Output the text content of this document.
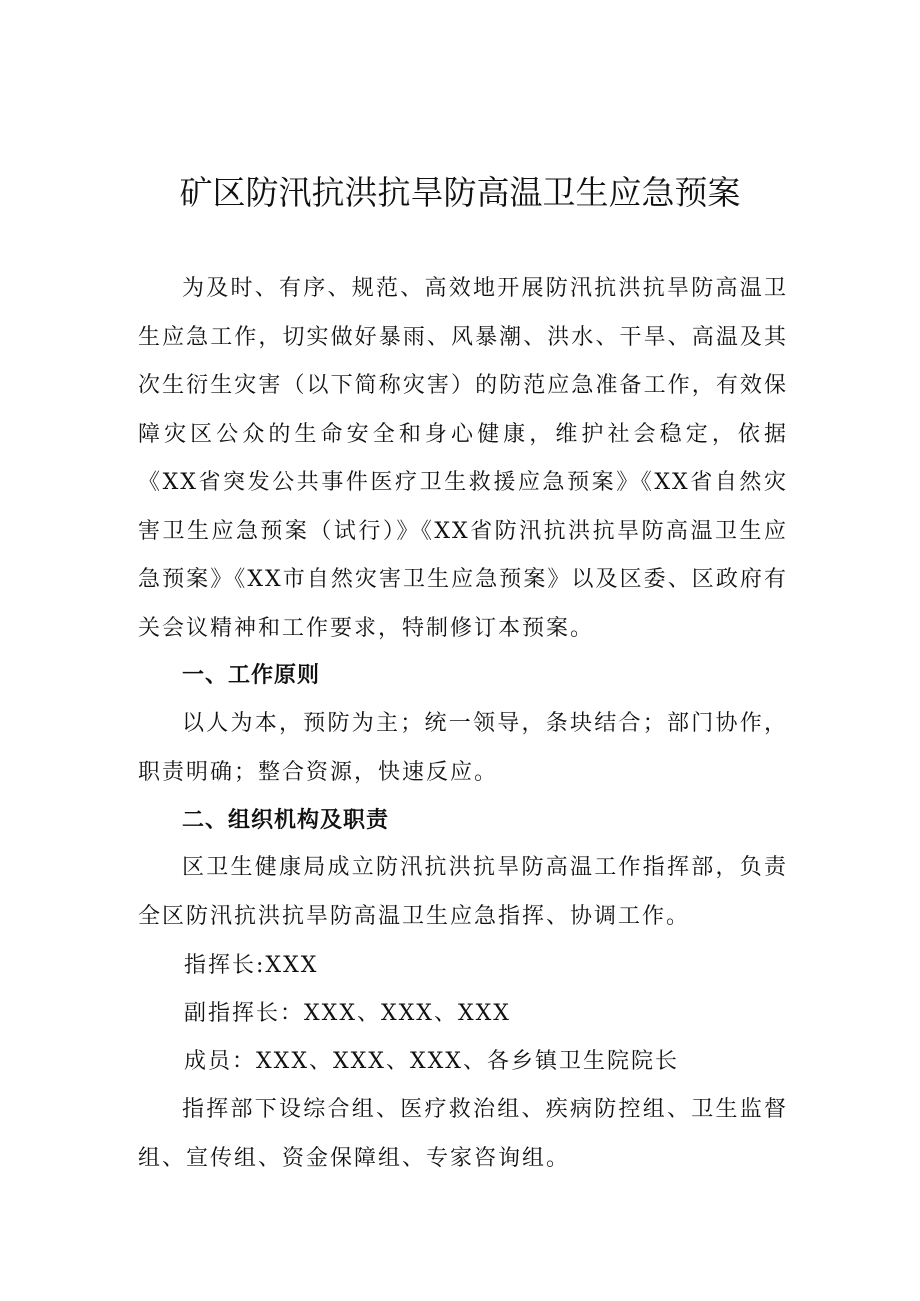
矿区防汛抗洪抗旱防高温卫生应急预案

为及时、有序、规范、高效地开展防汛抗洪抗旱防高温卫生应急工作，切实做好暴雨、风暴潮、洪水、干旱、高温及其次生衍生灾害（以下简称灾害）的防范应急准备工作，有效保障灾区公众的生命安全和身心健康，维护社会稳定，依据《XX省突发公共事件医疗卫生救援应急预案》《XX省自然灾害卫生应急预案（试行）》《XX省防汛抗洪抗旱防高温卫生应急预案》《XX市自然灾害卫生应急预案》以及区委、区政府有关会议精神和工作要求，特制修订本预案。

一、工作原则

以人为本，预防为主；统一领导，条块结合；部门协作，职责明确；整合资源，快速反应。

二、组织机构及职责

区卫生健康局成立防汛抗洪抗旱防高温工作指挥部，负责全区防汛抗洪抗旱防高温卫生应急指挥、协调工作。

指挥长:XXX

副指挥长：XXX、XXX、XXX

成员：XXX、XXX、XXX、各乡镇卫生院院长

指挥部下设综合组、医疗救治组、疾病防控组、卫生监督组、宣传组、资金保障组、专家咨询组。
